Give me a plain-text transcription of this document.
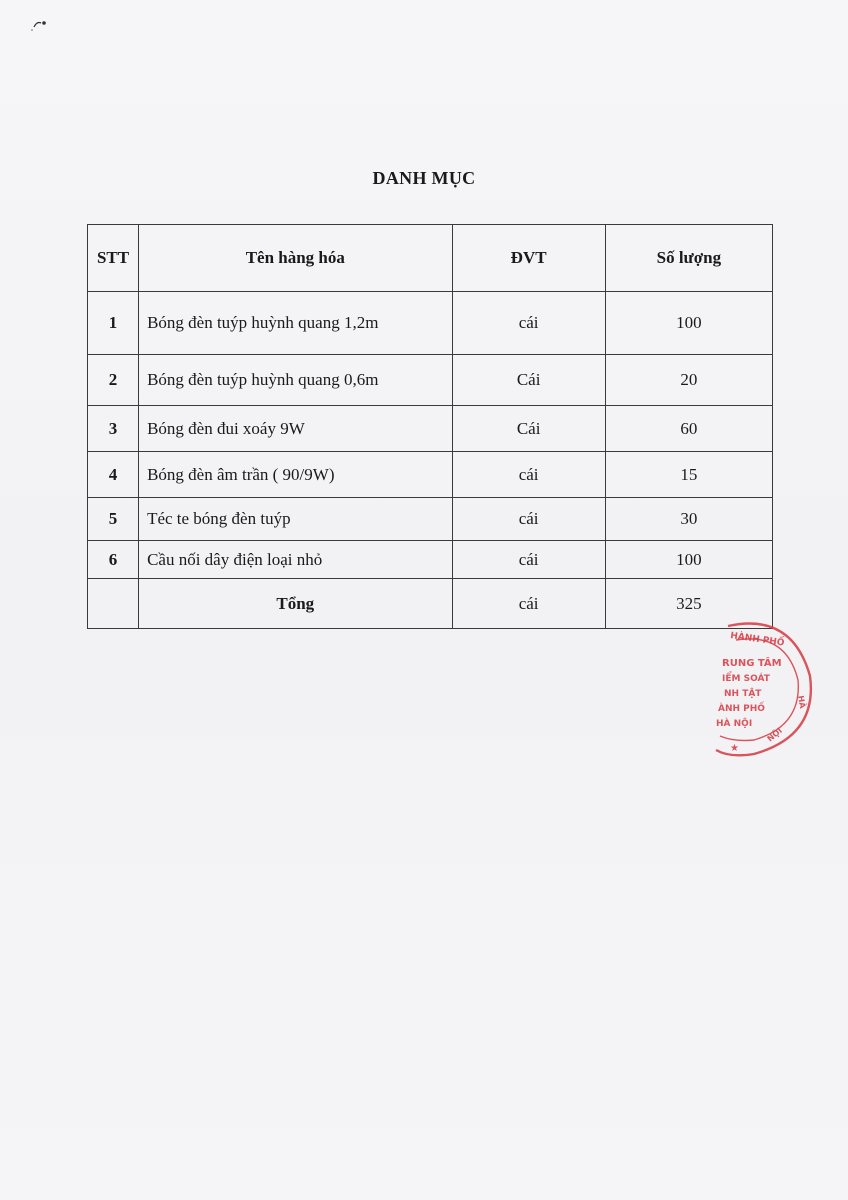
DANH MỤC
STT	Tên hàng hóa	ĐVT	Số lượng
1	Bóng đèn tuýp huỳnh quang 1,2m	cái	100
2	Bóng đèn tuýp huỳnh quang 0,6m	Cái	20
3	Bóng đèn đui xoáy 9W	Cái	60
4	Bóng đèn âm trần ( 90/9W)	cái	15
5	Téc te bóng đèn tuýp	cái	30
6	Cầu nối dây điện loại nhỏ	cái	100
	Tổng	cái	325
HÀNH PHỐ
RUNG TÂM
IỂM SOÁT
NH TẬT
ÀNH PHỐ
HÀ NỘI
HÀ
NỘI
★
